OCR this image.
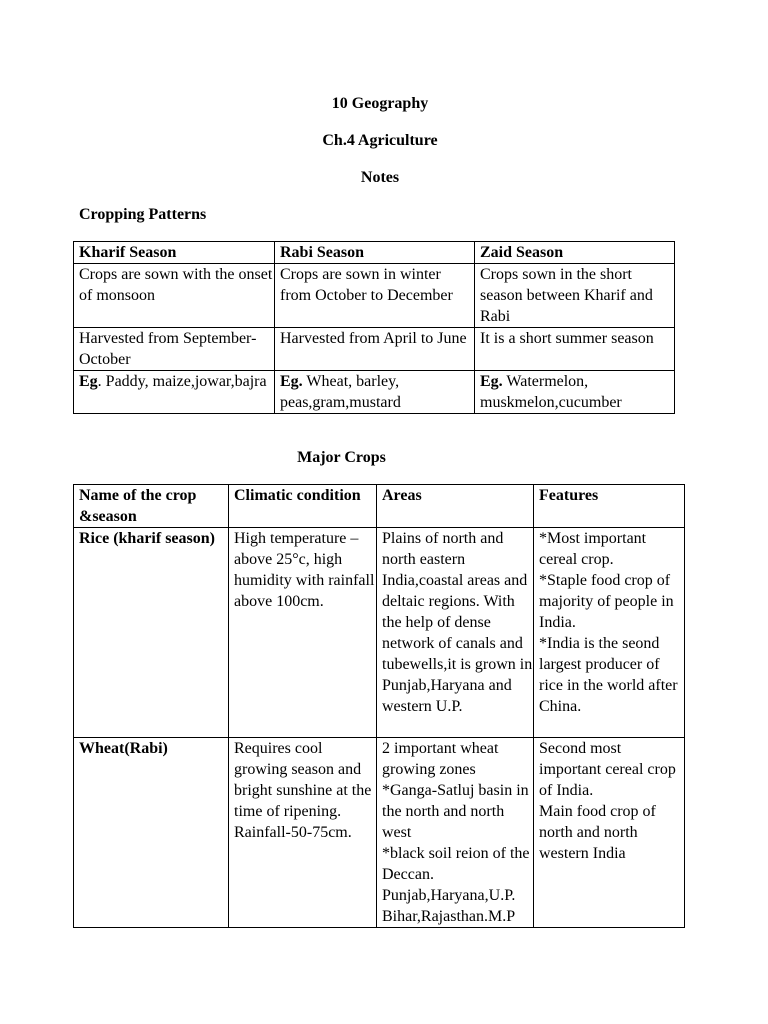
10 Geography
Ch.4 Agriculture
Notes
Cropping Patterns
Kharif Season	Rabi Season	Zaid Season
Crops are sown with the onset of monsoon	Crops are sown in winter from October to December	Crops sown in the short season between Kharif and Rabi
Harvested from September-October	Harvested from April to June	It is a short summer season
Eg. Paddy, maize,jowar,bajra	Eg. Wheat, barley, peas,gram,mustard	Eg. Watermelon, muskmelon,cucumber
Major Crops
Name of the crop &season	Climatic condition	Areas	Features
Rice (kharif season)	High temperature – above 25°c, high humidity with rainfall above 100cm.	Plains of north and north eastern India,coastal areas and deltaic regions. With the help of dense network of canals and tubewells,it is grown in Punjab,Haryana and western U.P.	*Most important cereal crop.
*Staple food crop of majority of people in India.
*India is the seond largest producer of rice in the world after China.
Wheat(Rabi)	Requires cool growing season and bright sunshine at the time of ripening. Rainfall-50-75cm.	2 important wheat growing zones
*Ganga-Satluj basin in the north and north west
*black soil reion of the Deccan.
Punjab,Haryana,U.P. Bihar,Rajasthan.M.P	Second most important cereal crop of India.
Main food crop of north and north western India
